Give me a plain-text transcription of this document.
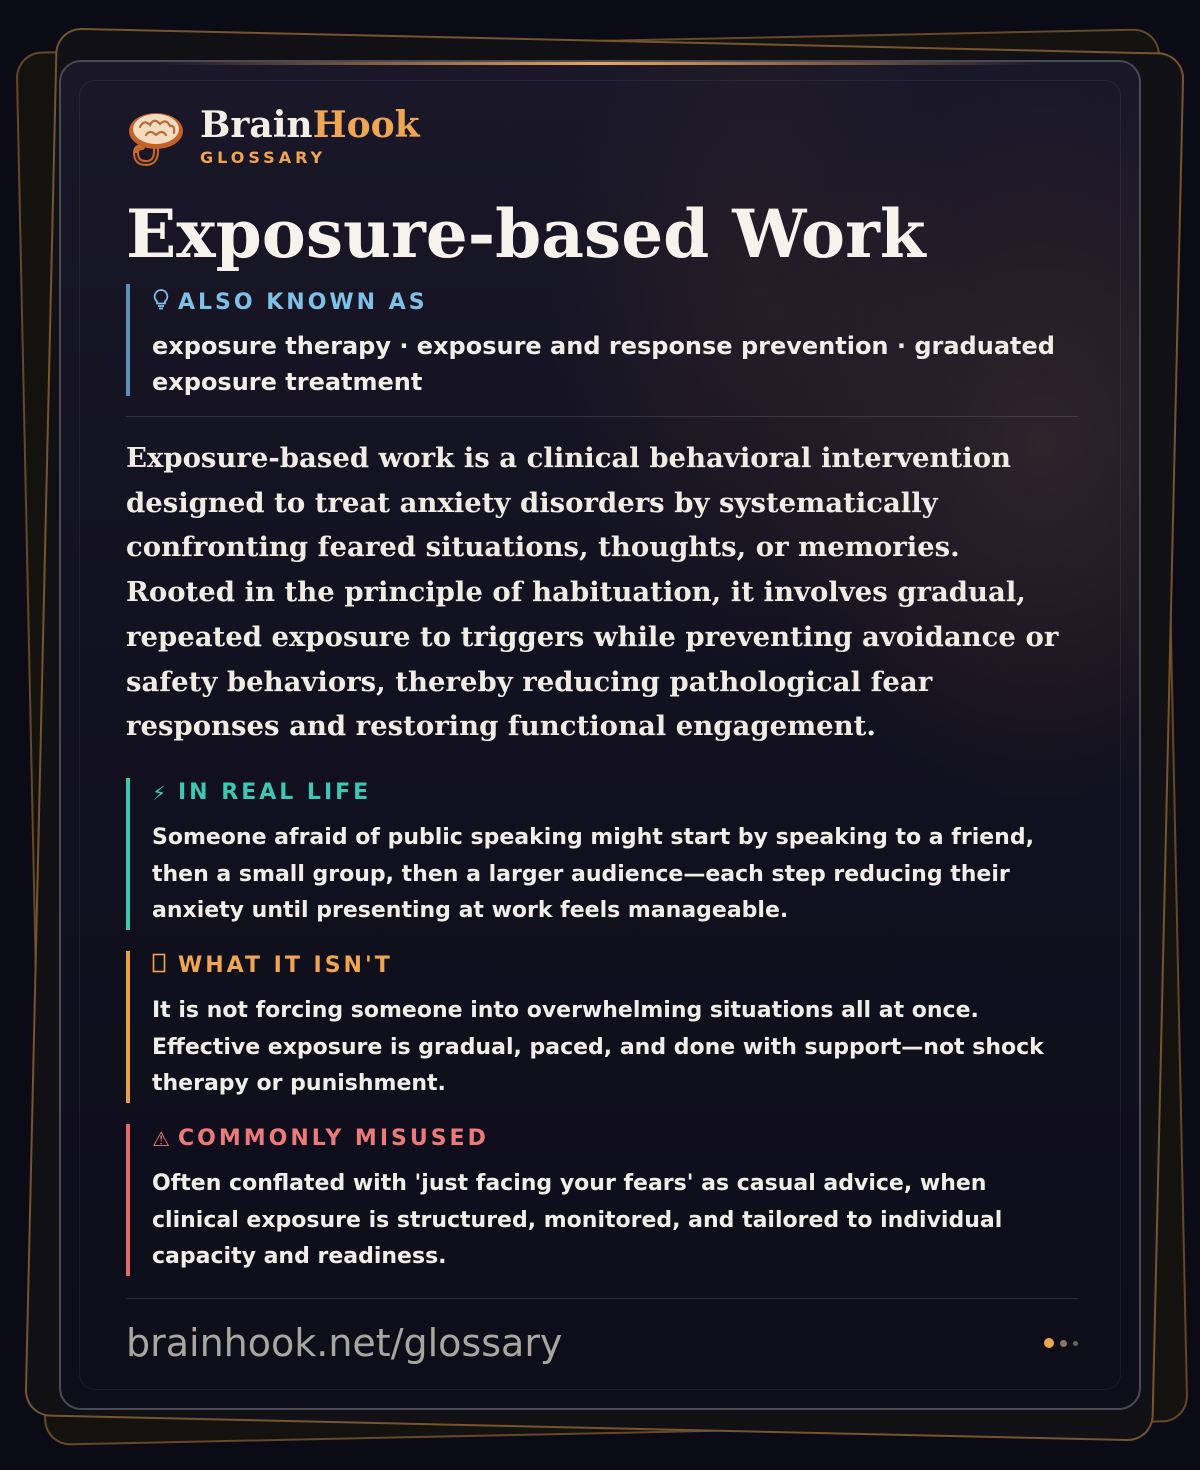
BrainHook
GLOSSARY
Exposure-based Work
ALSO KNOWN AS
exposure therapy · exposure and response prevention · graduated exposure treatment

Exposure-based work is a clinical behavioral intervention designed to treat anxiety disorders by systematically confronting feared situations, thoughts, or memories. Rooted in the principle of habituation, it involves gradual, repeated exposure to triggers while preventing avoidance or safety behaviors, thereby reducing pathological fear responses and restoring functional engagement.

⚡ IN REAL LIFE
Someone afraid of public speaking might start by speaking to a friend, then a small group, then a larger audience—each step reducing their anxiety until presenting at work feels manageable.
WHAT IT ISN'T
It is not forcing someone into overwhelming situations all at once. Effective exposure is gradual, paced, and done with support—not shock therapy or punishment.
⚠ COMMONLY MISUSED
Often conflated with 'just facing your fears' as casual advice, when clinical exposure is structured, monitored, and tailored to individual capacity and readiness.
brainhook.net/glossary
